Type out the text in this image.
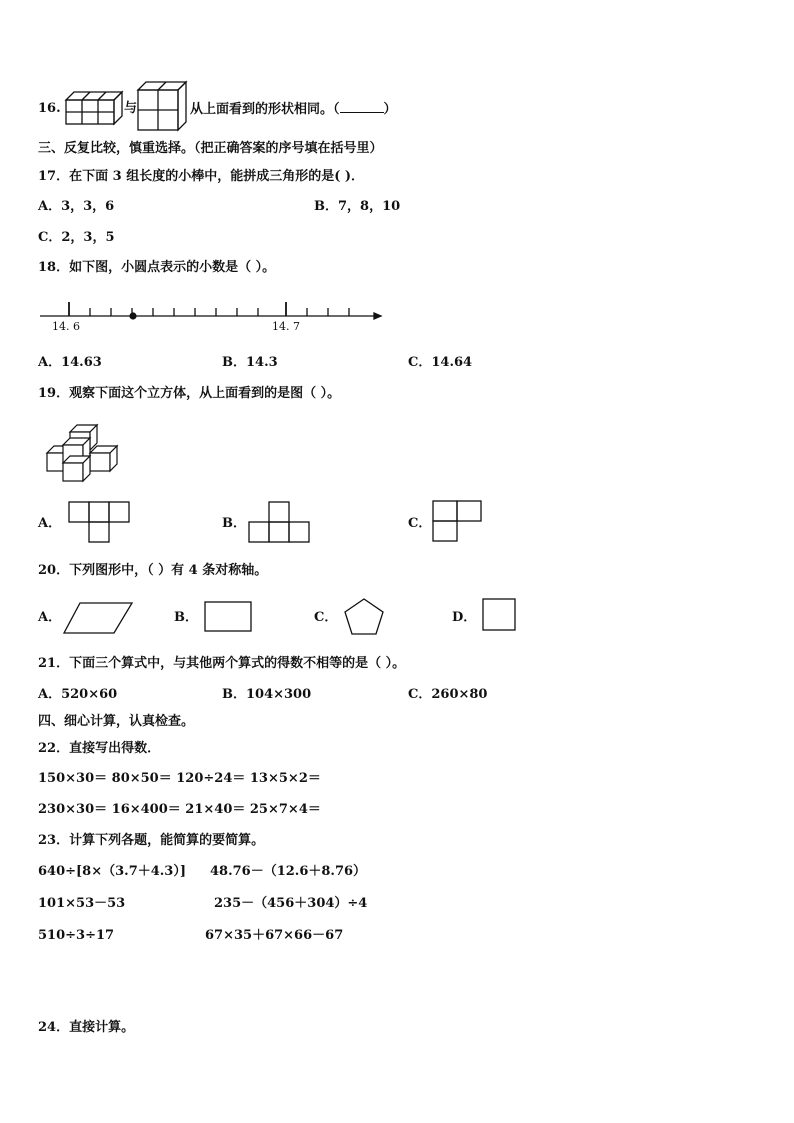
16.	与	从上面看到的形状相同。（	）
三、反复比较，慎重选择。（把正确答案的序号填在括号里）
17．在下面 3 组长度的小棒中，能拼成三角形的是( )．
A．3，3，6	B．7，8，10
C．2，3，5
18．如下图，小圆点表示的小数是（ ）。
14. 6	14. 7
A．14.63	B．14.3	C．14.64
19．观察下面这个立方体，从上面看到的是图（ ）。
A．	B．	C．
20．下列图形中，（ ）有 4 条对称轴。
A．	B．	C．	D．
21．下面三个算式中，与其他两个算式的得数不相等的是（ ）。
A．520×60	B．104×300	C．260×80
四、细心计算，认真检查。
22．直接写出得数．
150×30＝ 80×50＝ 120÷24＝ 13×5×2＝
230×30＝ 16×400＝ 21×40＝ 25×7×4＝
23．计算下列各题，能简算的要简算。
640÷[8×（3.7＋4.3）] 48.76－（12.6＋8.76）
101×53－53	235－（456＋304）÷4
510÷3÷17	67×35＋67×66－67
24．直接计算。
